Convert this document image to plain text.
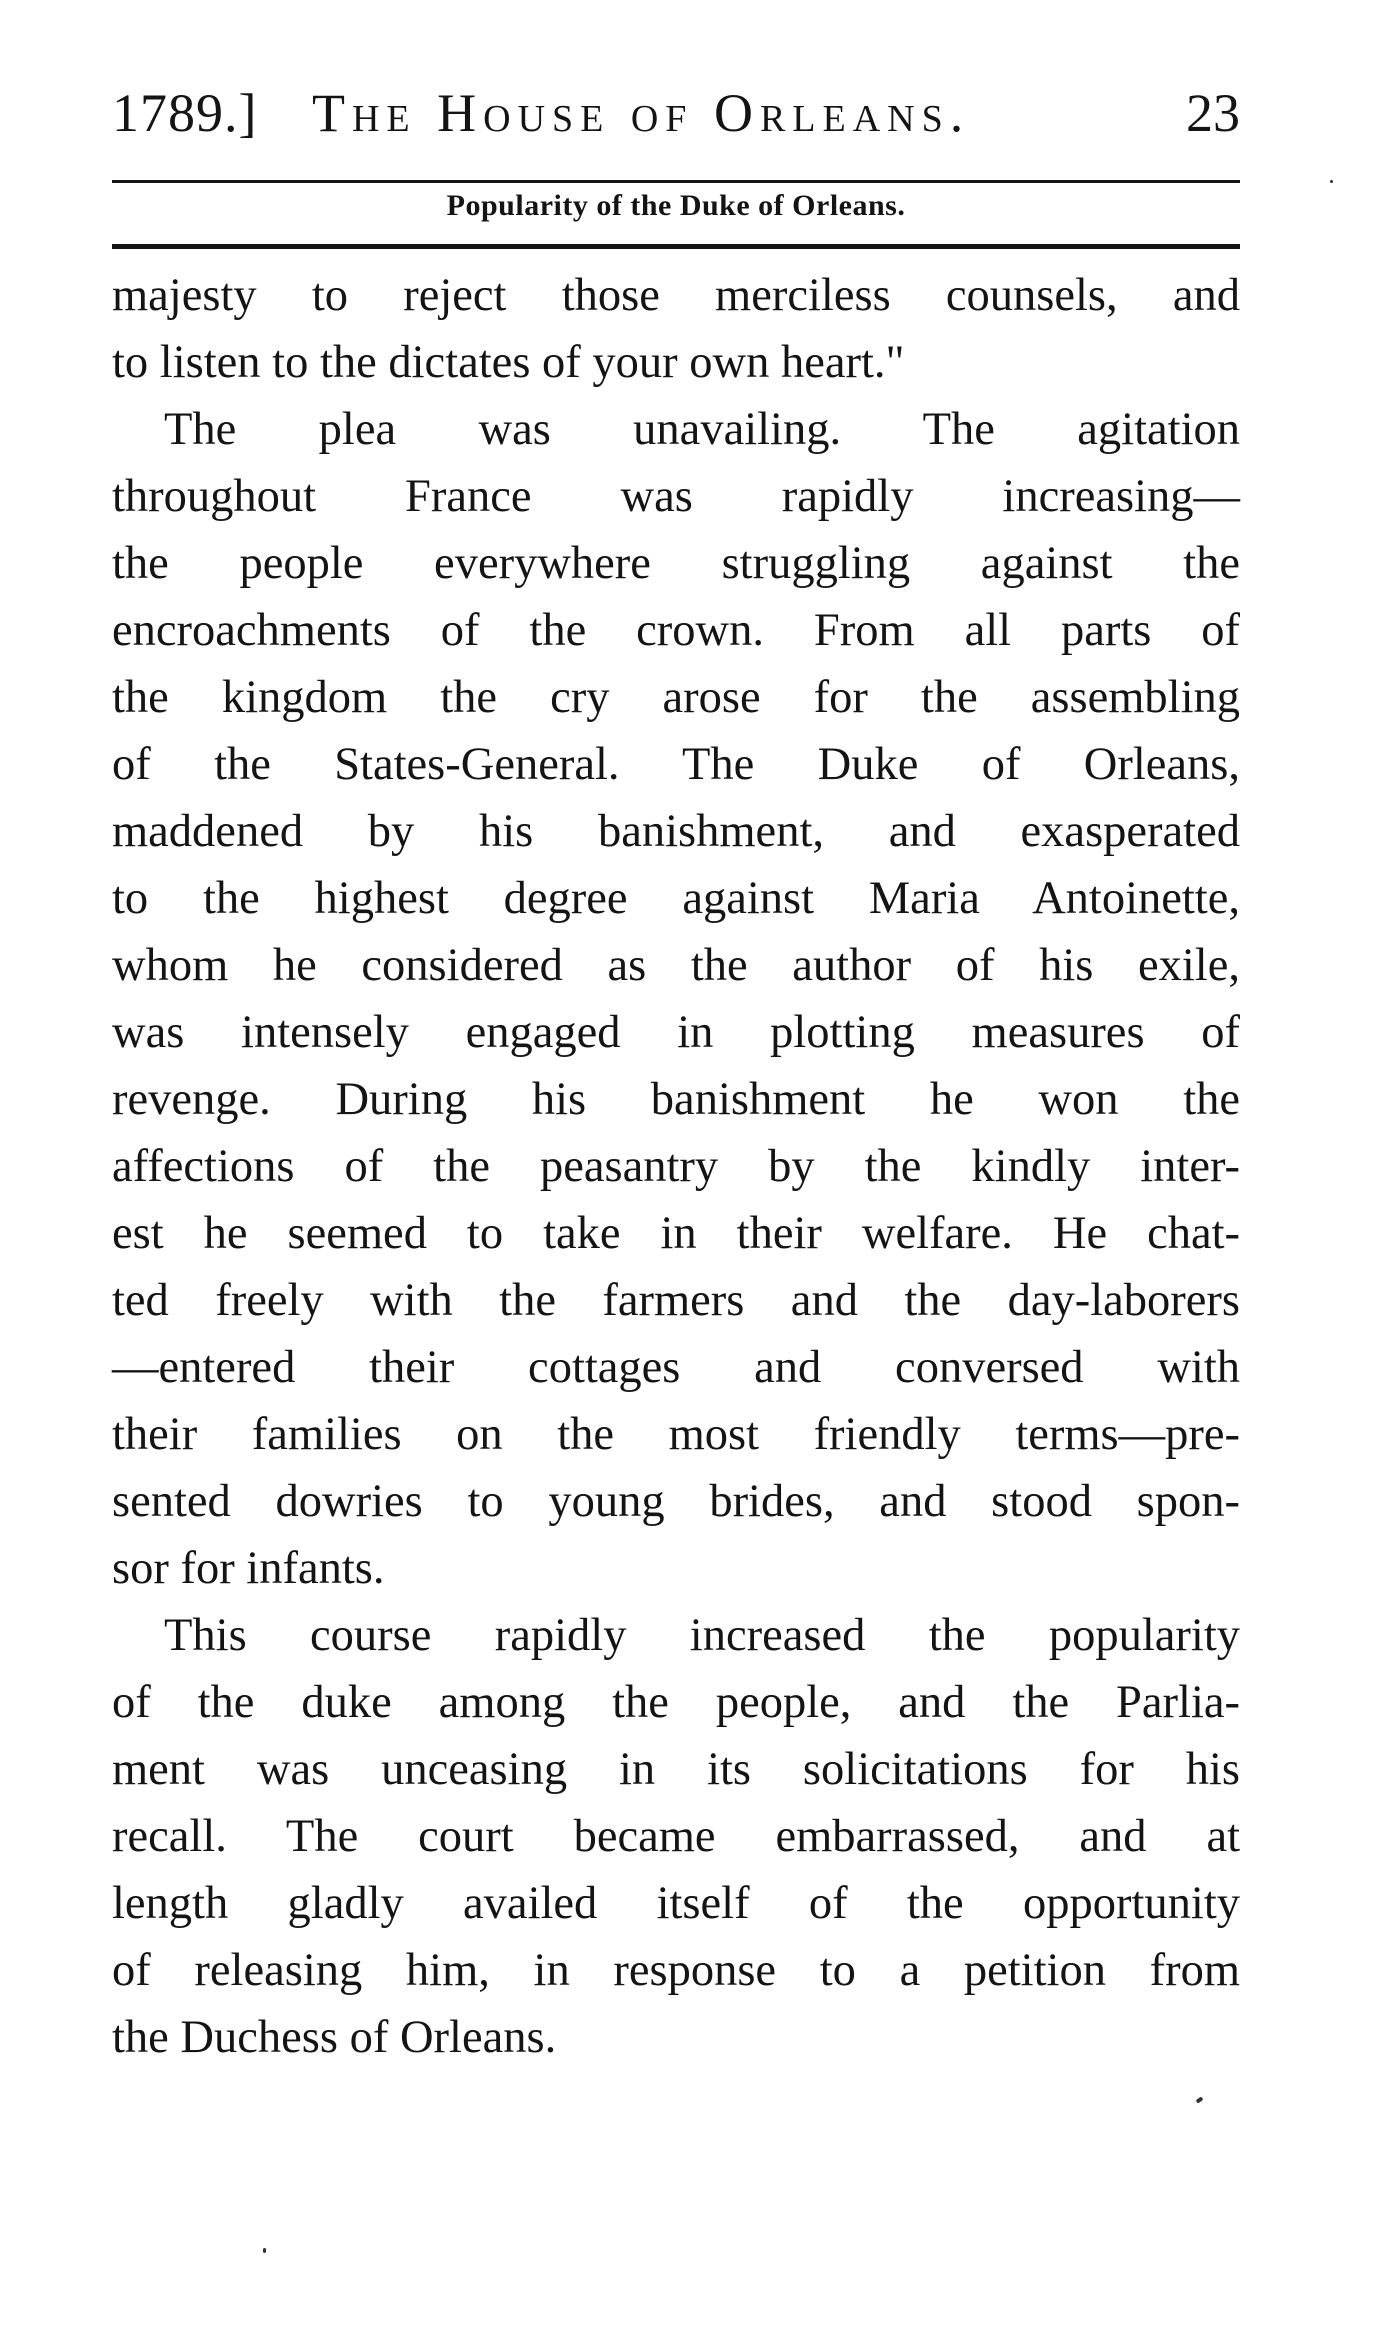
1789.] The House of Orleans.	23
Popularity of the Duke of Orleans.
majesty to reject those merciless counsels, and
to listen to the dictates of your own heart."
The plea was unavailing. The agitation
throughout France was rapidly increasing—
the people everywhere struggling against the
encroachments of the crown. From all parts of
the kingdom the cry arose for the assembling
of the States-General. The Duke of Orleans,
maddened by his banishment, and exasperated
to the highest degree against Maria Antoinette,
whom he considered as the author of his exile,
was intensely engaged in plotting measures of
revenge. During his banishment he won the
affections of the peasantry by the kindly inter-
est he seemed to take in their welfare. He chat-
ted freely with the farmers and the day-laborers
—entered their cottages and conversed with
their families on the most friendly terms—pre-
sented dowries to young brides, and stood spon-
sor for infants.
This course rapidly increased the popularity
of the duke among the people, and the Parlia-
ment was unceasing in its solicitations for his
recall. The court became embarrassed, and at
length gladly availed itself of the opportunity
of releasing him, in response to a petition from
the Duchess of Orleans.
